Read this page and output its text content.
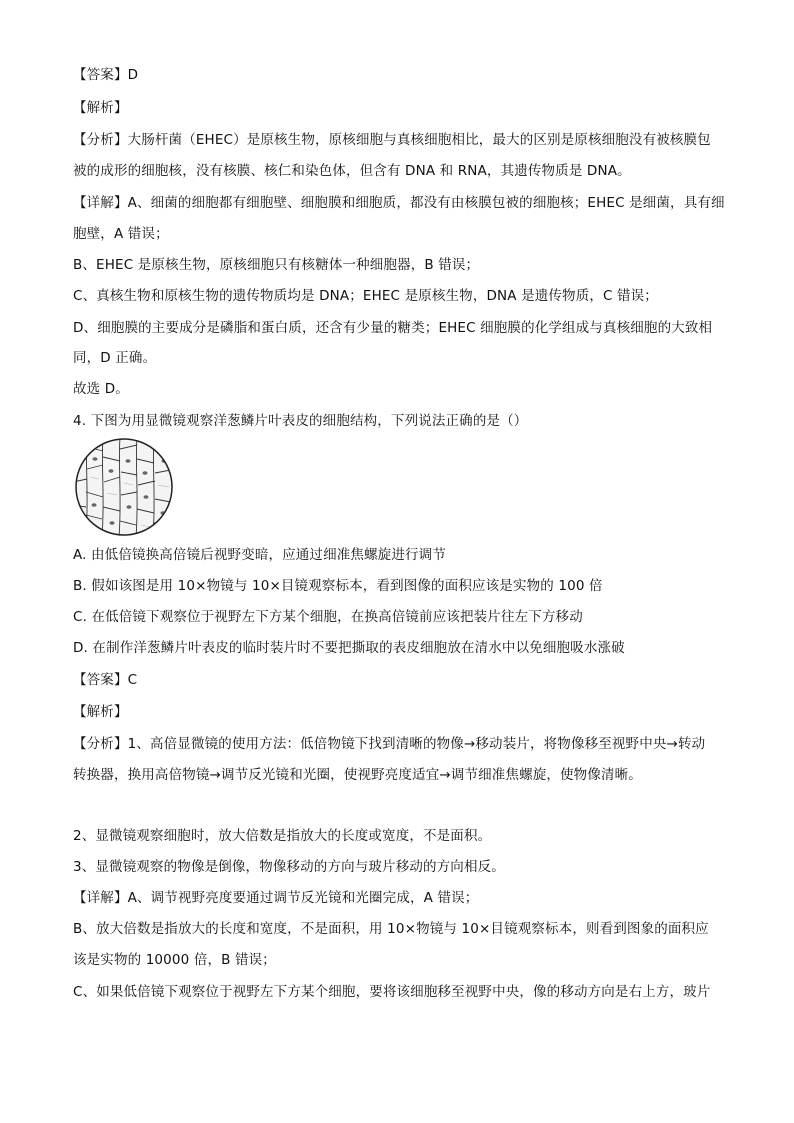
【答案】D
【解析】
【分析】大肠杆菌（EHEC）是原核生物，原核细胞与真核细胞相比，最大的区别是原核细胞没有被核膜包
被的成形的细胞核，没有核膜、核仁和染色体，但含有 DNA 和 RNA，其遗传物质是 DNA。
【详解】A、细菌的细胞都有细胞壁、细胞膜和细胞质，都没有由核膜包被的细胞核；EHEC 是细菌，具有细
胞壁，A 错误；
B、EHEC 是原核生物，原核细胞只有核糖体一种细胞器，B 错误；
C、真核生物和原核生物的遗传物质均是 DNA；EHEC 是原核生物，DNA 是遗传物质，C 错误；
D、细胞膜的主要成分是磷脂和蛋白质，还含有少量的糖类；EHEC 细胞膜的化学组成与真核细胞的大致相
同，D 正确。
故选 D。
4. 下图为用显微镜观察洋葱鳞片叶表皮的细胞结构，下列说法正确的是（）
A. 由低倍镜换高倍镜后视野变暗，应通过细准焦螺旋进行调节
B. 假如该图是用 10×物镜与 10×目镜观察标本，看到图像的面积应该是实物的 100 倍
C. 在低倍镜下观察位于视野左下方某个细胞，在换高倍镜前应该把装片往左下方移动
D. 在制作洋葱鳞片叶表皮的临时装片时不要把撕取的表皮细胞放在清水中以免细胞吸水涨破
【答案】C
【解析】
【分析】1、高倍显微镜的使用方法：低倍物镜下找到清晰的物像→移动装片，将物像移至视野中央→转动
转换器，换用高倍物镜→调节反光镜和光圈，使视野亮度适宜→调节细准焦螺旋，使物像清晰。
2、显微镜观察细胞时，放大倍数是指放大的长度或宽度，不是面积。
3、显微镜观察的物像是倒像，物像移动的方向与玻片移动的方向相反。
【详解】A、调节视野亮度要通过调节反光镜和光圈完成，A 错误；
B、放大倍数是指放大的长度和宽度，不是面积，用 10×物镜与 10×目镜观察标本，则看到图象的面积应
该是实物的 10000 倍，B 错误；
C、如果低倍镜下观察位于视野左下方某个细胞，要将该细胞移至视野中央，像的移动方向是右上方，玻片
